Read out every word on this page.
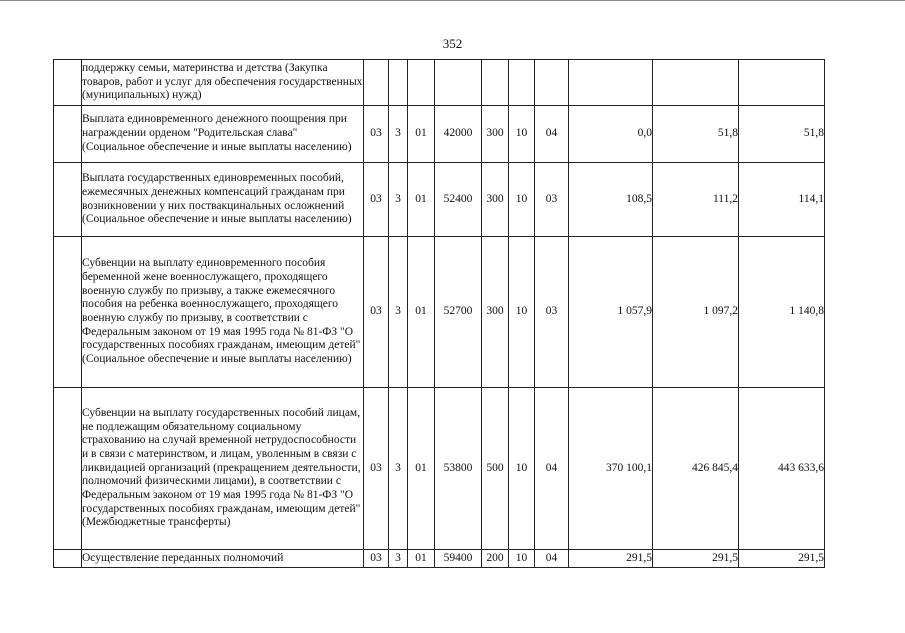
352
	поддержку семьи, материнства и детства (Закупка товаров, работ и услуг для обеспечения государственных (муниципальных) нужд)										
	Выплата единовременного денежного поощрения при награждении орденом "Родительская слава" (Социальное обеспечение и иные выплаты населению)	03	3	01	42000	300	10	04	0,0	51,8	51,8
	Выплата государственных единовременных пособий, ежемесячных денежных компенсаций гражданам при возникновении у них поствакцинальных осложнений (Социальное обеспечение и иные выплаты населению)	03	3	01	52400	300	10	03	108,5	111,2	114,1
	Субвенции на выплату единовременного пособия беременной жене военнослужащего, проходящего военную службу по призыву, а также ежемесячного пособия на ребенка военнослужащего, проходящего военную службу по призыву, в соответствии с Федеральным законом от 19 мая 1995 года № 81-ФЗ "О государственных пособиях гражданам, имеющим детей" (Социальное обеспечение и иные выплаты населению)	03	3	01	52700	300	10	03	1 057,9	1 097,2	1 140,8
	Субвенции на выплату государственных пособий лицам, не подлежащим обязательному социальному страхованию на случай временной нетрудоспособности и в связи с материнством, и лицам, уволенным в связи с ликвидацией организаций (прекращением деятельности, полномочий физическими лицами), в соответствии с Федеральным законом от 19 мая 1995 года № 81-ФЗ "О государственных пособиях гражданам, имеющим детей" (Межбюджетные трансферты)	03	3	01	53800	500	10	04	370 100,1	426 845,4	443 633,6
	Осуществление переданных полномочий	03	3	01	59400	200	10	04	291,5	291,5	291,5
